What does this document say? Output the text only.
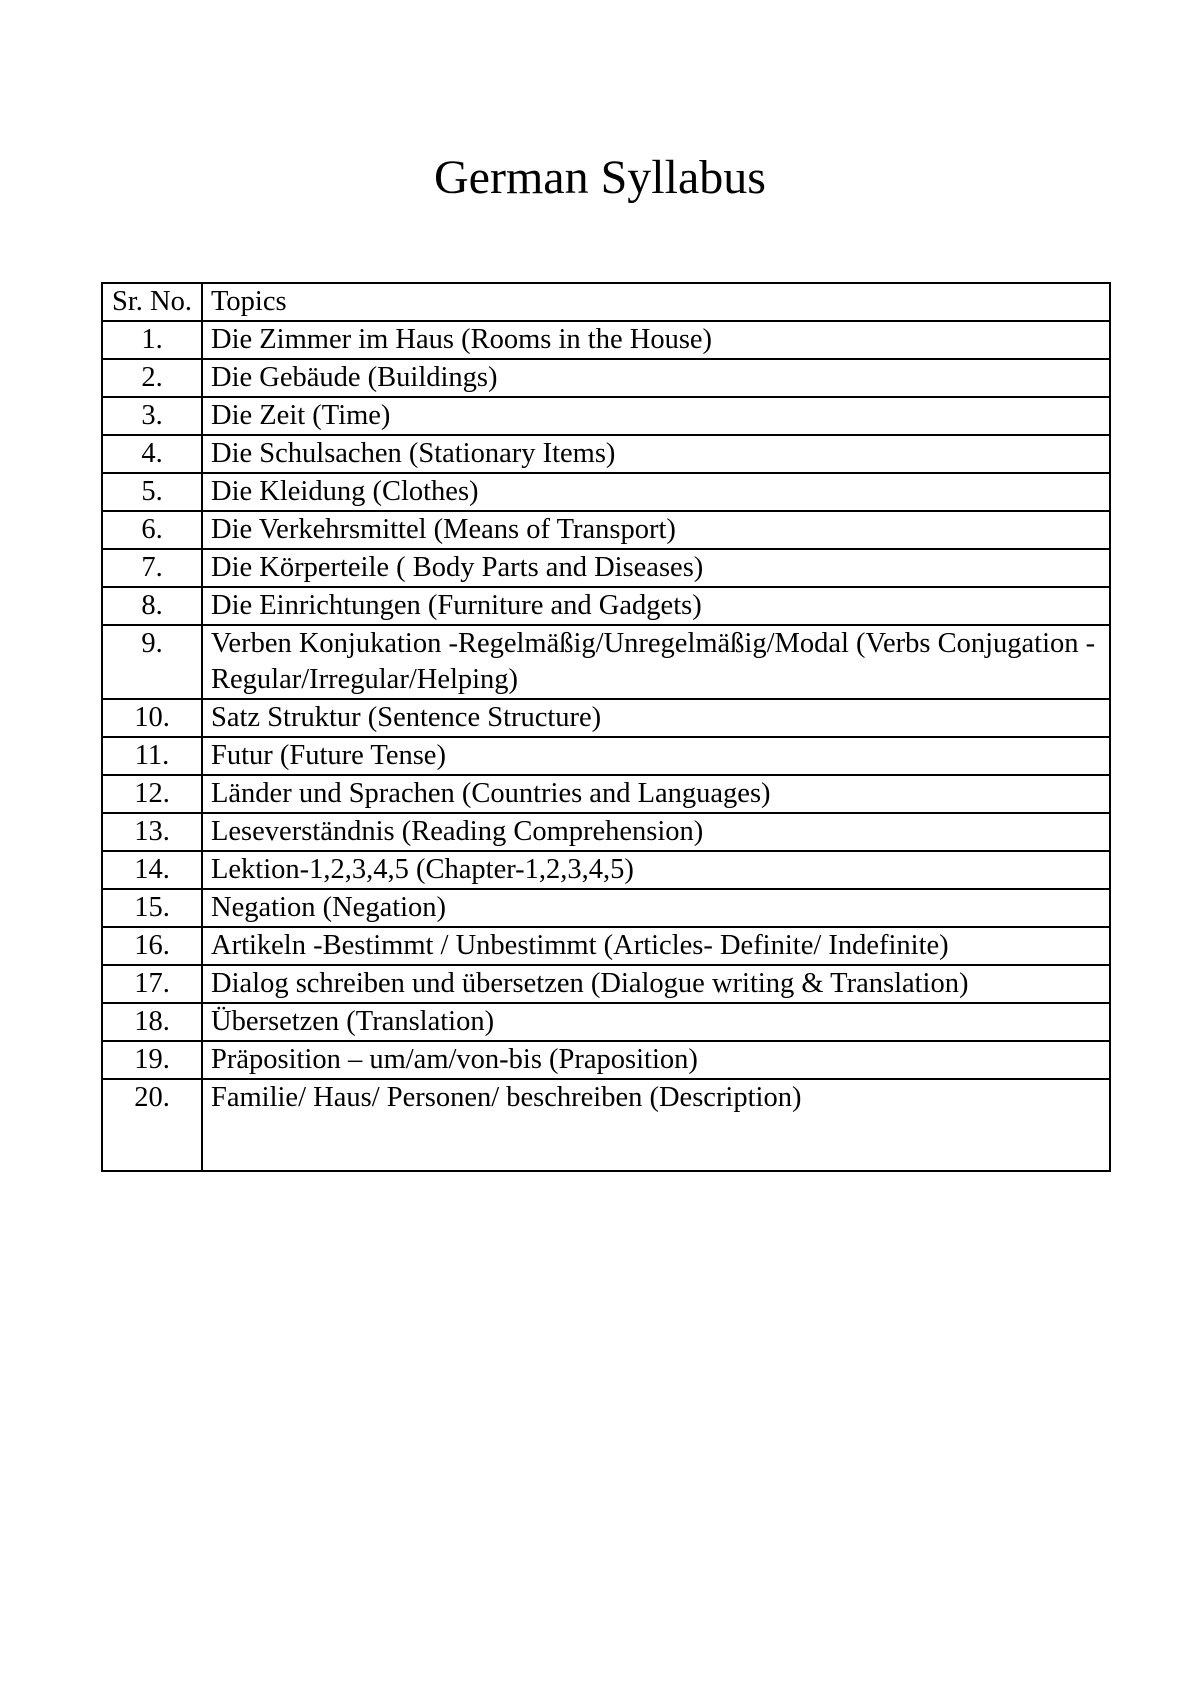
German Syllabus
Sr. No.	Topics
1.	Die Zimmer im Haus (Rooms in the House)
2.	Die Gebäude (Buildings)
3.	Die Zeit (Time)
4.	Die Schulsachen (Stationary Items)
5.	Die Kleidung (Clothes)
6.	Die Verkehrsmittel (Means of Transport)
7.	Die Körperteile ( Body Parts and Diseases)
8.	Die Einrichtungen (Furniture and Gadgets)
9.	Verben Konjukation -Regelmäßig/Unregelmäßig/Modal (Verbs Conjugation -Regular/Irregular/Helping)
10.	Satz Struktur (Sentence Structure)
11.	Futur (Future Tense)
12.	Länder und Sprachen (Countries and Languages)
13.	Leseverständnis (Reading Comprehension)
14.	Lektion-1,2,3,4,5 (Chapter-1,2,3,4,5)
15.	Negation (Negation)
16.	Artikeln -Bestimmt / Unbestimmt (Articles- Definite/ Indefinite)
17.	Dialog schreiben und übersetzen (Dialogue writing & Translation)
18.	Übersetzen (Translation)
19.	Präposition – um/am/von-bis (Praposition)
20.	Familie/ Haus/ Personen/ beschreiben (Description)
